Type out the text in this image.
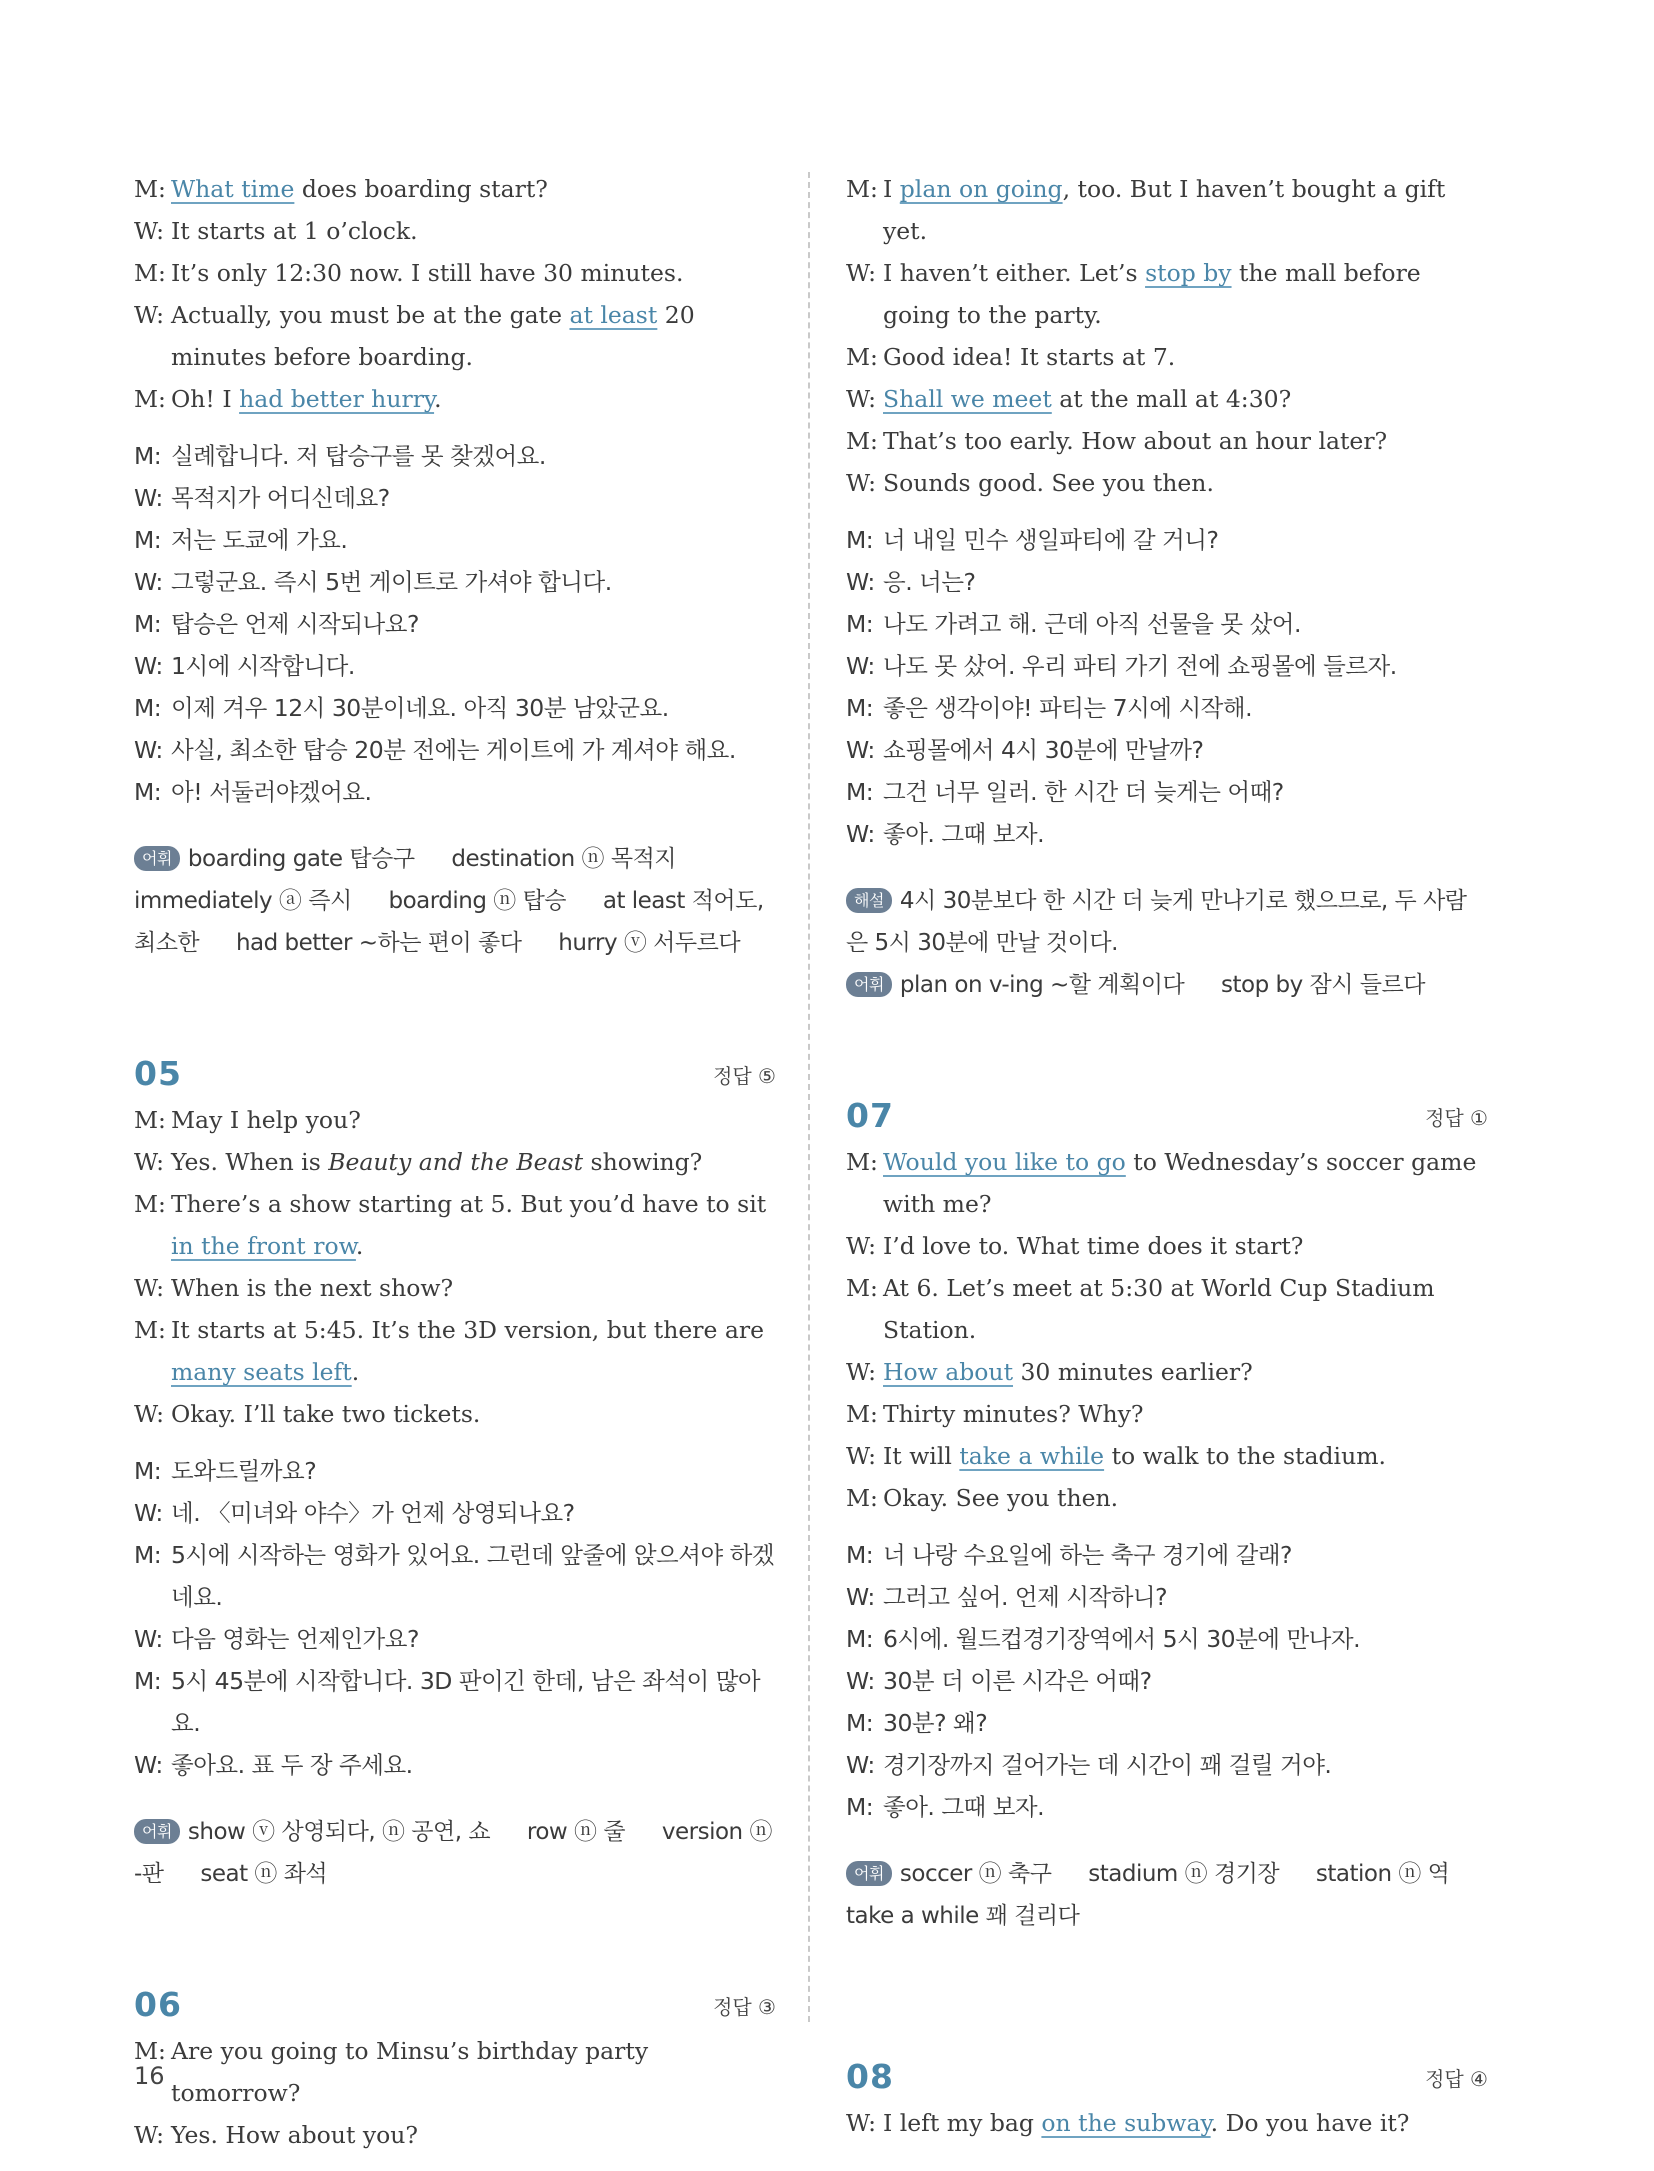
M: What time does boarding start?
W: It starts at 1 o’clock.
M: It’s only 12:30 now. I still have 30 minutes.
W: Actually, you must be at the gate at least 20 minutes before boarding.
M: Oh! I had better hurry.
M: 실례합니다. 저 탑승구를 못 찾겠어요.
W: 목적지가 어디신데요?
M: 저는 도쿄에 가요.
W: 그렇군요. 즉시 5번 게이트로 가셔야 합니다.
M: 탑승은 언제 시작되나요?
W: 1시에 시작합니다.
M: 이제 겨우 12시 30분이네요. 아직 30분 남았군요.
W: 사실, 최소한 탑승 20분 전에는 게이트에 가 계셔야 해요.
M: 아! 서둘러야겠어요.
어휘 boarding gate 탑승구 destination ⓝ 목적지 immediately ⓐ 즉시 boarding ⓝ 탑승 at least 적어도, 최소한 had better ~하는 편이 좋다 hurry ⓥ 서두르다
05	정답 ⑤
M: May I help you?
W: Yes. When is Beauty and the Beast showing?
M: There’s a show starting at 5. But you’d have to sit in the front row.
W: When is the next show?
M: It starts at 5:45. It’s the 3D version, but there are many seats left.
W: Okay. I’ll take two tickets.
M: 도와드릴까요?
W: 네. 〈미녀와 야수〉가 언제 상영되나요?
M: 5시에 시작하는 영화가 있어요. 그런데 앞줄에 앉으셔야 하겠네요.
W: 다음 영화는 언제인가요?
M: 5시 45분에 시작합니다. 3D 판이긴 한데, 남은 좌석이 많아요.
W: 좋아요. 표 두 장 주세요.
어휘 show ⓥ 상영되다, ⓝ 공연, 쇼 row ⓝ 줄 version ⓝ -판 seat ⓝ 좌석
06	정답 ③
M: Are you going to Minsu’s birthday party tomorrow?
W: Yes. How about you?
M: I plan on going, too. But I haven’t bought a gift yet.
W: I haven’t either. Let’s stop by the mall before going to the party.
M: Good idea! It starts at 7.
W: Shall we meet at the mall at 4:30?
M: That’s too early. How about an hour later?
W: Sounds good. See you then.
M: 너 내일 민수 생일파티에 갈 거니?
W: 응. 너는?
M: 나도 가려고 해. 근데 아직 선물을 못 샀어.
W: 나도 못 샀어. 우리 파티 가기 전에 쇼핑몰에 들르자.
M: 좋은 생각이야! 파티는 7시에 시작해.
W: 쇼핑몰에서 4시 30분에 만날까?
M: 그건 너무 일러. 한 시간 더 늦게는 어때?
W: 좋아. 그때 보자.
해설 4시 30분보다 한 시간 더 늦게 만나기로 했으므로, 두 사람은 5시 30분에 만날 것이다.
어휘 plan on v-ing ~할 계획이다 stop by 잠시 들르다
07	정답 ①
M: Would you like to go to Wednesday’s soccer game with me?
W: I’d love to. What time does it start?
M: At 6. Let’s meet at 5:30 at World Cup Stadium Station.
W: How about 30 minutes earlier?
M: Thirty minutes? Why?
W: It will take a while to walk to the stadium.
M: Okay. See you then.
M: 너 나랑 수요일에 하는 축구 경기에 갈래?
W: 그러고 싶어. 언제 시작하니?
M: 6시에. 월드컵경기장역에서 5시 30분에 만나자.
W: 30분 더 이른 시각은 어때?
M: 30분? 왜?
W: 경기장까지 걸어가는 데 시간이 꽤 걸릴 거야.
M: 좋아. 그때 보자.
어휘 soccer ⓝ 축구 stadium ⓝ 경기장 station ⓝ 역 take a while 꽤 걸리다
08	정답 ④
W: I left my bag on the subway. Do you have it?
16
